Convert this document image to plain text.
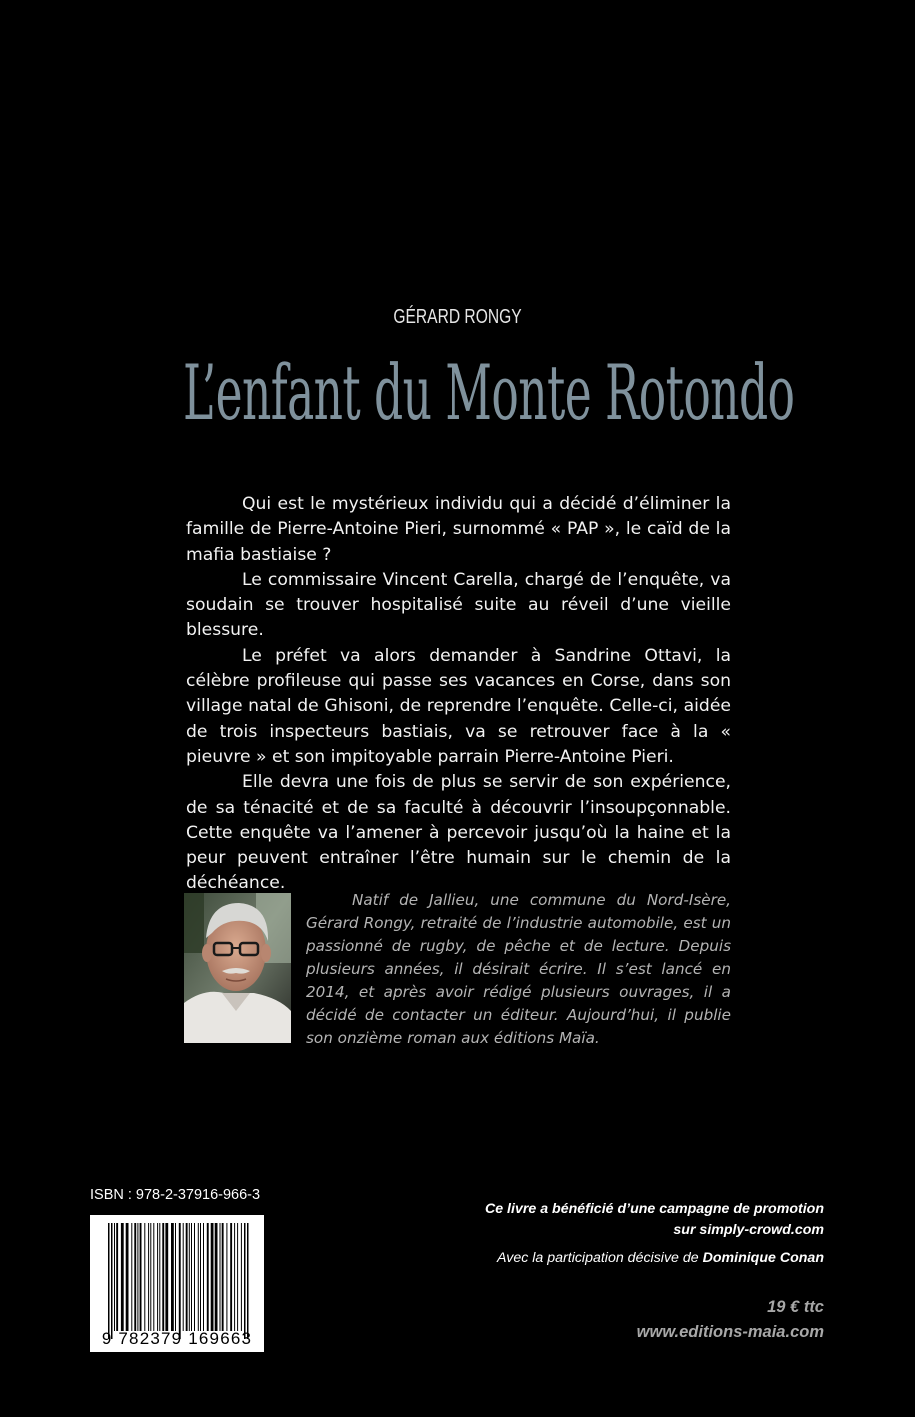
GÉRARD RONGY
L’enfant du Monte Rotondo

Qui est le mystérieux individu qui a décidé d’éliminer la famille de Pierre-Antoine Pieri, surnommé « PAP », le caïd de la mafia bastiaise ?

Le commissaire Vincent Carella, chargé de l’enquête, va soudain se trouver hospitalisé suite au réveil d’une vieille blessure.

Le préfet va alors demander à Sandrine Ottavi, la célèbre profileuse qui passe ses vacances en Corse, dans son village natal de Ghisoni, de reprendre l’enquête. Celle-ci, aidée de trois inspecteurs bastiais, va se retrouver face à la « pieuvre » et son impitoyable parrain Pierre-Antoine Pieri.

Elle devra une fois de plus se servir de son expérience, de sa ténacité et de sa faculté à découvrir l’insoupçonnable. Cette enquête va l’amener à percevoir jusqu’où la haine et la peur peuvent entraîner l’être humain sur le chemin de la déchéance.

Natif de Jallieu, une commune du Nord-Isère, Gérard Rongy, retraité de l’industrie automobile, est un passionné de rugby, de pêche et de lecture. Depuis plusieurs années, il désirait écrire. Il s’est lancé en 2014, et après avoir rédigé plusieurs ouvrages, il a décidé de contacter un éditeur. Aujourd’hui, il publie son onzième roman aux éditions Maïa.
ISBN : 978-2-37916-966-3
9 782379 169663
Ce livre a bénéficié d’une campagne de promotion
sur simply-crowd.com
Avec la participation décisive de Dominique Conan
19 € ttc
www.editions-maia.com
